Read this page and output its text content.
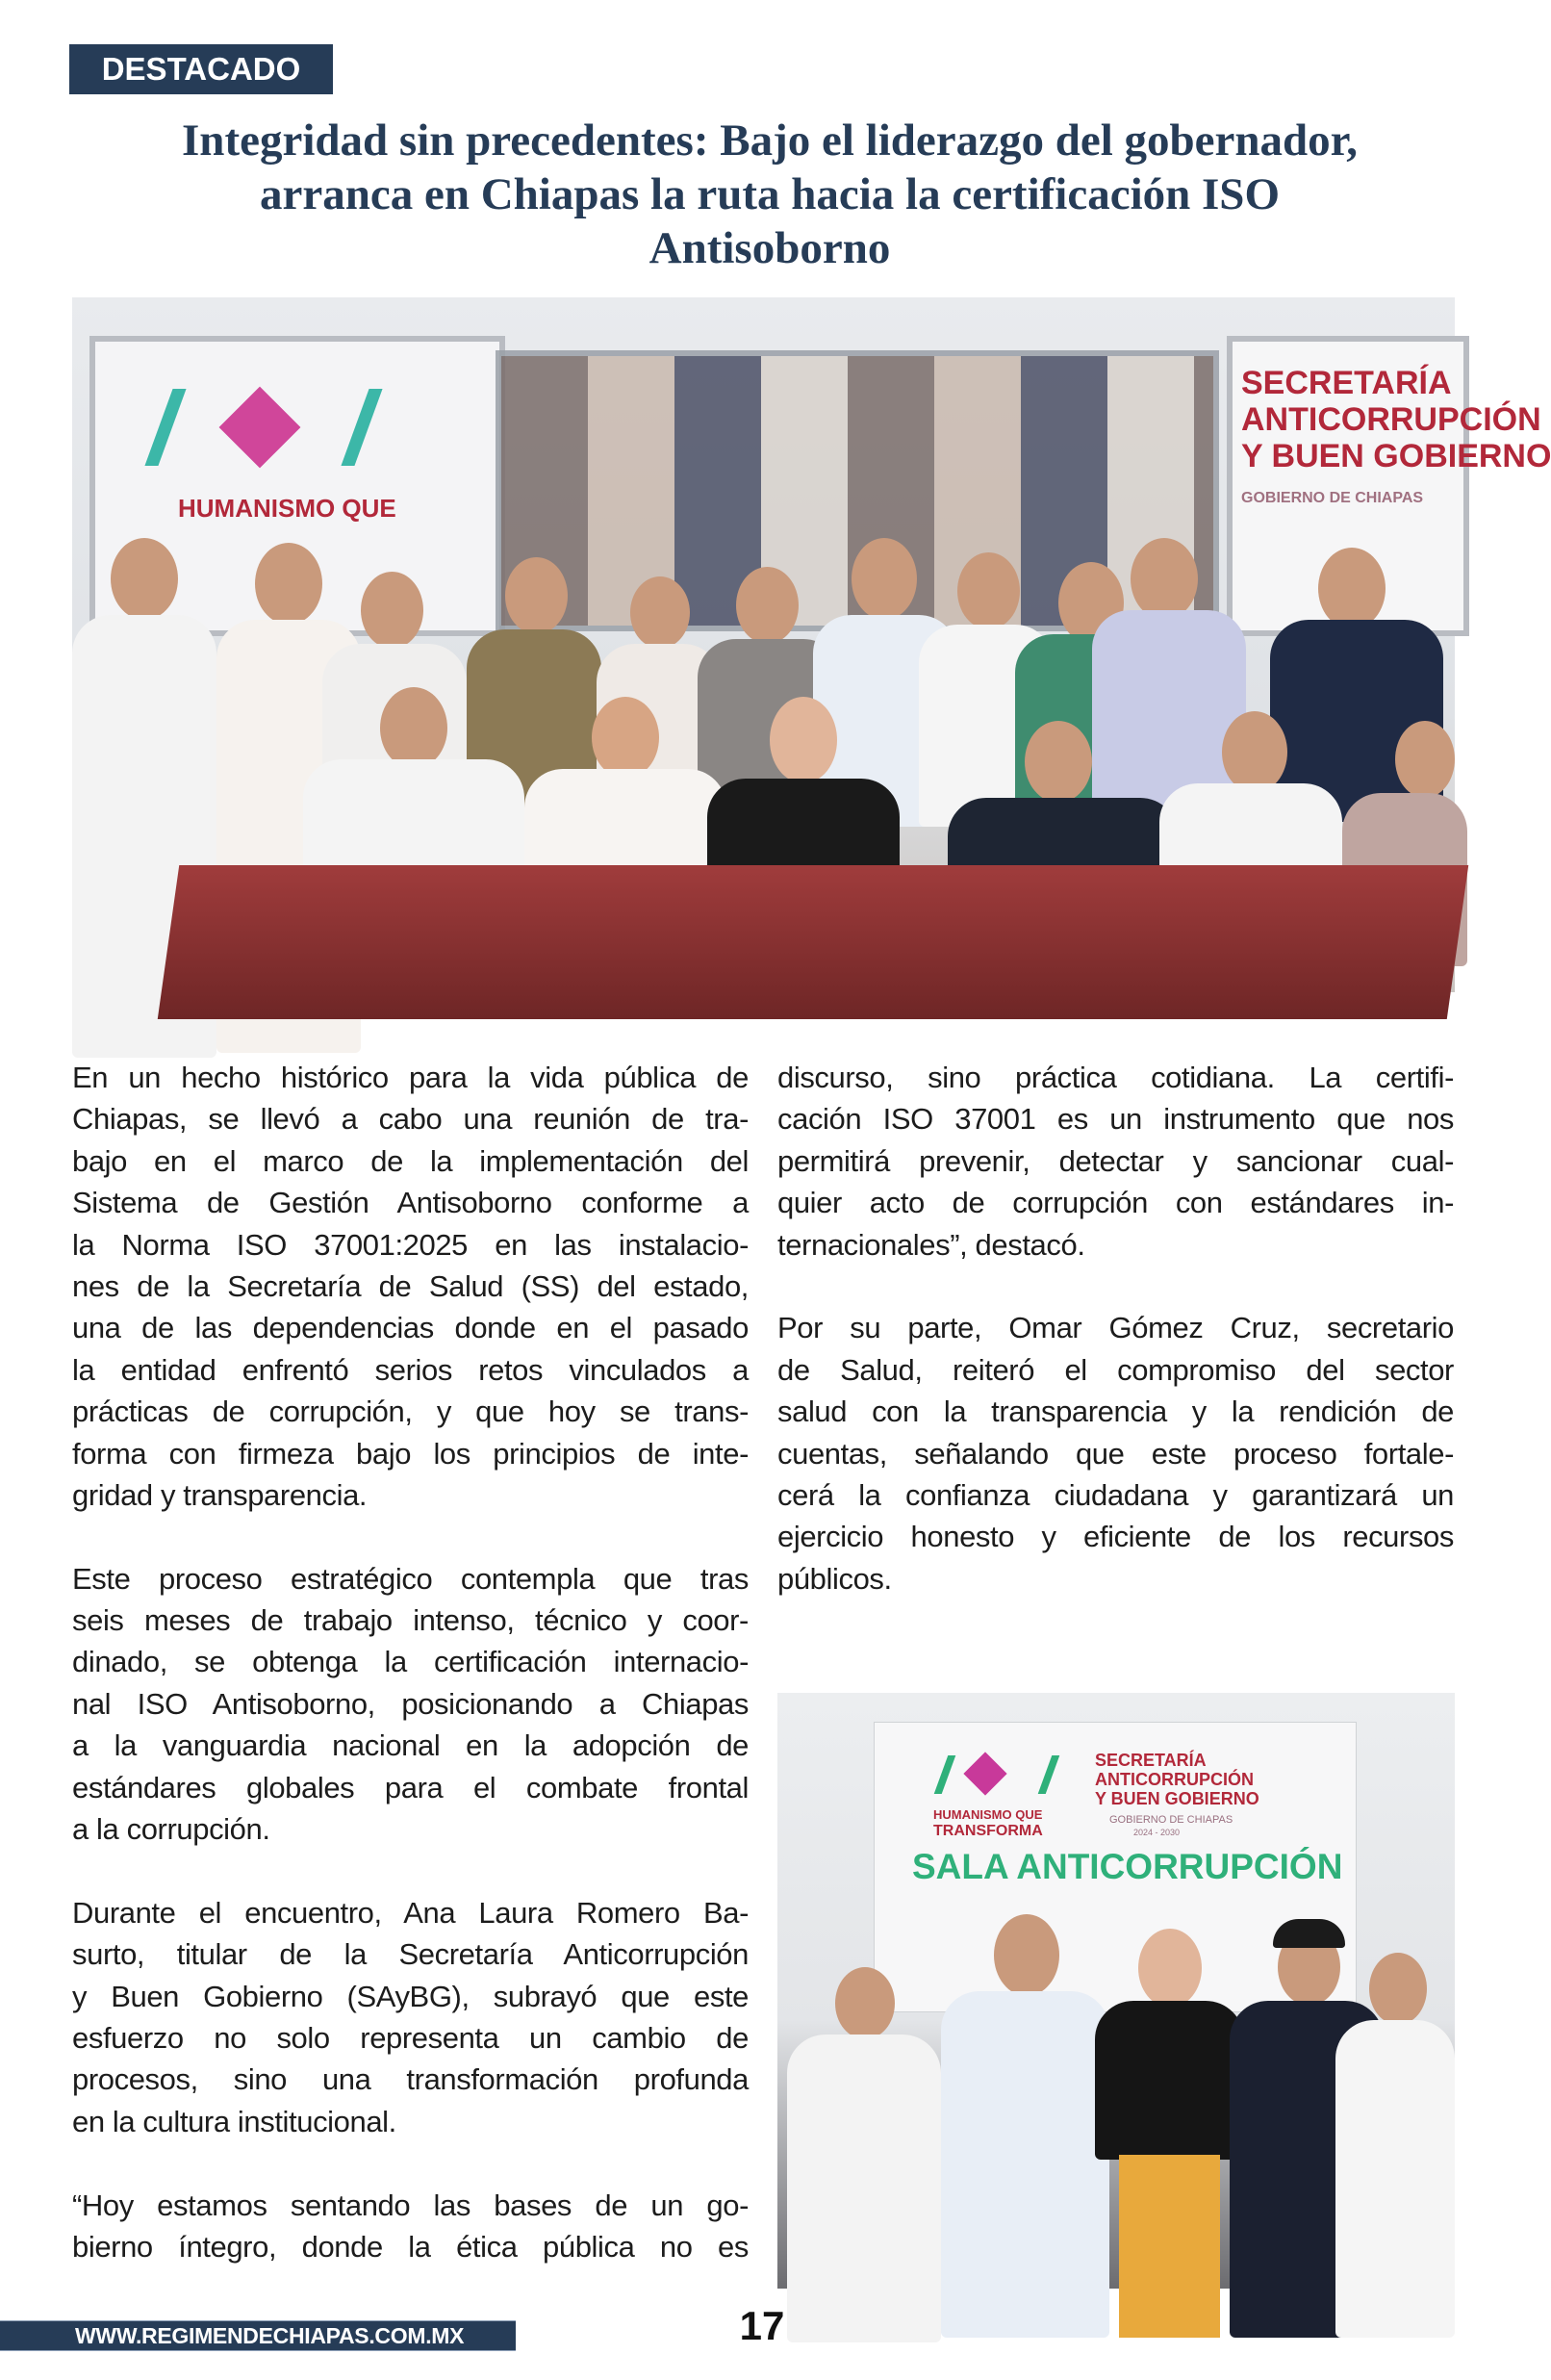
DESTACADO
Integridad sin precedentes: Bajo el liderazgo del gobernador,
arranca en Chiapas la ruta hacia la certificación ISO
Antisoborno
HUMANISMO QUE
SECRETARÍA
ANTICORRUPCIÓN
Y BUEN GOBIERNO
GOBIERNO DE CHIAPAS
En un hecho histórico para la vida pública de
Chiapas, se llevó a cabo una reunión de tra-
bajo en el marco de la implementación del
Sistema de Gestión Antisoborno conforme a
la Norma ISO 37001:2025 en las instalacio-
nes de la Secretaría de Salud (SS) del estado,
una de las dependencias donde en el pasado
la entidad enfrentó serios retos vinculados a
prácticas de corrupción, y que hoy se trans-
forma con firmeza bajo los principios de inte-
gridad y transparencia.
Este proceso estratégico contempla que tras
seis meses de trabajo intenso, técnico y coor-
dinado, se obtenga la certificación internacio-
nal ISO Antisoborno, posicionando a Chiapas
a la vanguardia nacional en la adopción de
estándares globales para el combate frontal
a la corrupción.
Durante el encuentro, Ana Laura Romero Ba-
surto, titular de la Secretaría Anticorrupción
y Buen Gobierno (SAyBG), subrayó que este
esfuerzo no solo representa un cambio de
procesos, sino una transformación profunda
en la cultura institucional.
“Hoy estamos sentando las bases de un go-
bierno íntegro, donde la ética pública no es
discurso, sino práctica cotidiana. La certifi-
cación ISO 37001 es un instrumento que nos
permitirá prevenir, detectar y sancionar cual-
quier acto de corrupción con estándares in-
ternacionales”, destacó.
Por su parte, Omar Gómez Cruz, secretario
de Salud, reiteró el compromiso del sector
salud con la transparencia y la rendición de
cuentas, señalando que este proceso fortale-
cerá la confianza ciudadana y garantizará un
ejercicio honesto y eficiente de los recursos
públicos.
HUMANISMO QUE
TRANSFORMA
SECRETARÍA
ANTICORRUPCIÓN
Y BUEN GOBIERNO
GOBIERNO DE CHIAPAS
2024 - 2030
SALA ANTICORRUPCIÓN
17
WWW.REGIMENDECHIAPAS.COM.MX
